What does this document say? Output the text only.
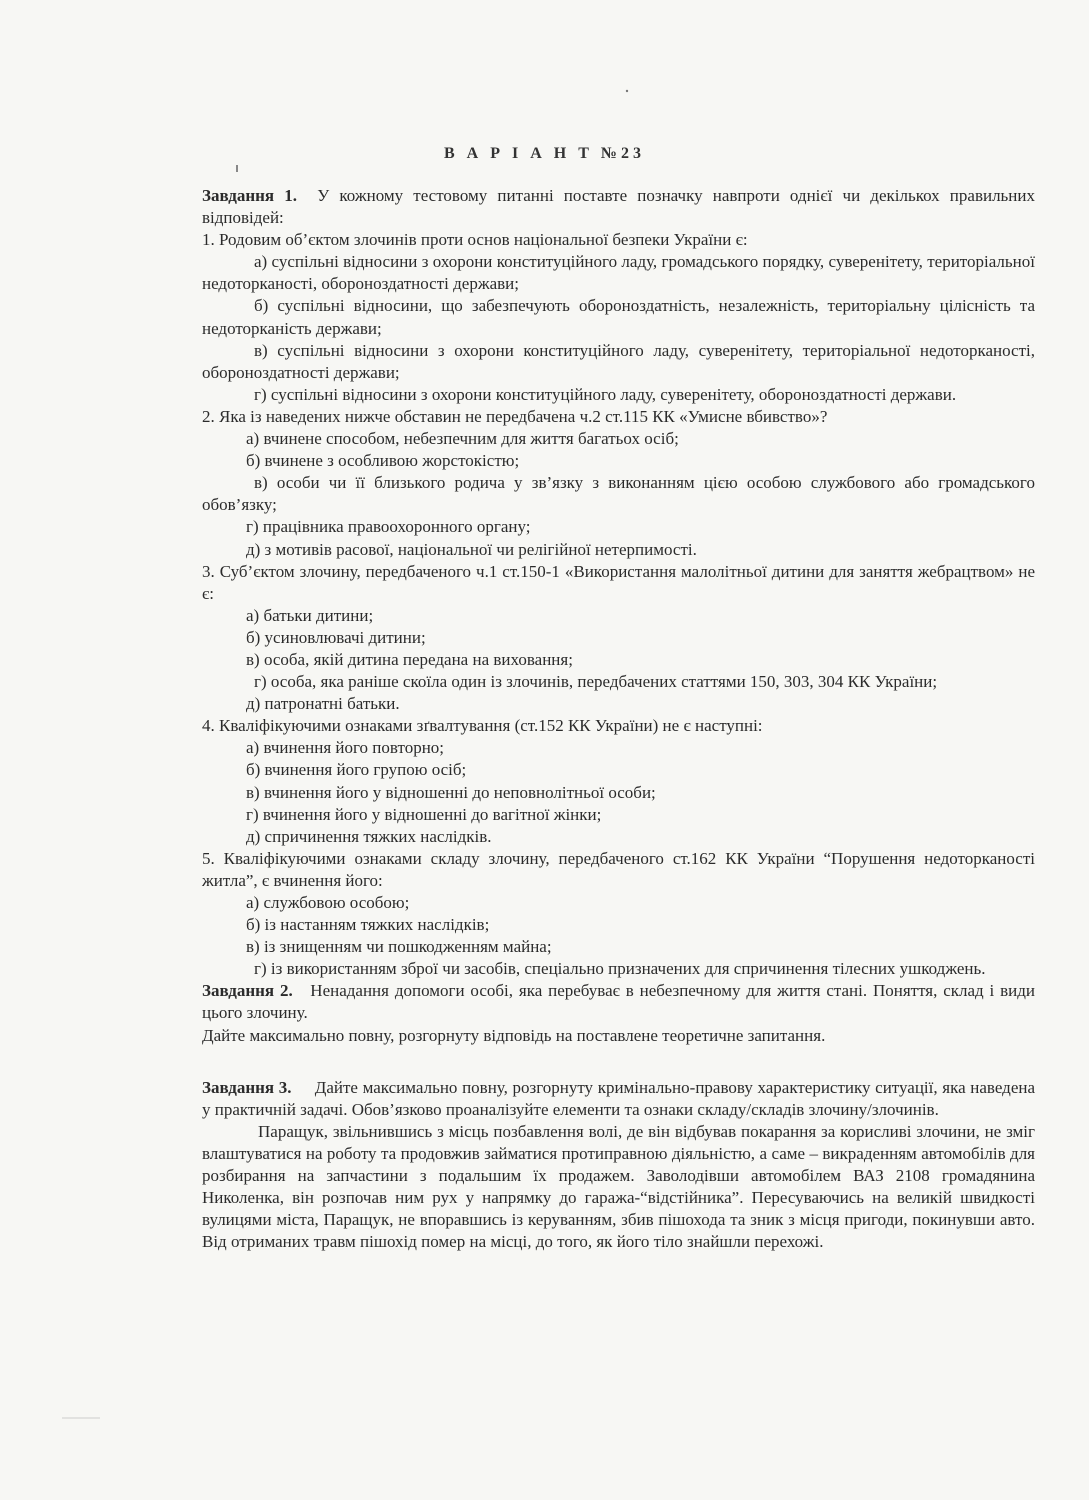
В А Р І А Н Т №23

Завдання 1. У кожному тестовому питанні поставте позначку навпроти однієї чи декількох правильних відповідей:

1. Родовим об’єктом злочинів проти основ національної безпеки України є:

а) суспільні відносини з охорони конституційного ладу, громадського порядку, суверенітету, територіальної недоторканості, обороноздатності держави;

б) суспільні відносини, що забезпечують обороноздатність, незалежність, територіальну цілісність та недоторканість держави;

в) суспільні відносини з охорони конституційного ладу, суверенітету, територіальної недоторканості, обороноздатності держави;

г) суспільні відносини з охорони конституційного ладу, суверенітету, обороноздатності держави.

2. Яка із наведених нижче обставин не передбачена ч.2 ст.115 КК «Умисне вбивство»?

а) вчинене способом, небезпечним для життя багатьох осіб;

б) вчинене з особливою жорстокістю;

в) особи чи її близького родича у зв’язку з виконанням цією особою службового або громадського обов’язку;

г) працівника правоохоронного органу;

д) з мотивів расової, національної чи релігійної нетерпимості.

3. Суб’єктом злочину, передбаченого ч.1 ст.150-1 «Використання малолітньої дитини для заняття жебрацтвом» не є:

а) батьки дитини;

б) усиновлювачі дитини;

в) особа, якій дитина передана на виховання;

г) особа, яка раніше скоїла один із злочинів, передбачених статтями 150, 303, 304 КК України;

д) патронатні батьки.

4. Кваліфікуючими ознаками зґвалтування (ст.152 КК України) не є наступні:

а) вчинення його повторно;

б) вчинення його групою осіб;

в) вчинення його у відношенні до неповнолітньої особи;

г) вчинення його у відношенні до вагітної жінки;

д) спричинення тяжких наслідків.

5. Кваліфікуючими ознаками складу злочину, передбаченого ст.162 КК України “Порушення недоторканості житла”, є вчинення його:

а) службовою особою;

б) із настанням тяжких наслідків;

в) із знищенням чи пошкодженням майна;

г) із використанням зброї чи засобів, спеціально призначених для спричинення тілесних ушкоджень.

Завдання 2. Ненадання допомоги особі, яка перебуває в небезпечному для життя стані. Поняття, склад і види цього злочину.

Дайте максимально повну, розгорнуту відповідь на поставлене теоретичне запитання.

Завдання 3. Дайте максимально повну, розгорнуту кримінально-правову характеристику ситуації, яка наведена у практичній задачі. Обов’язково проаналізуйте елементи та ознаки складу/складів злочину/злочинів.

Паращук, звільнившись з місць позбавлення волі, де він відбував покарання за корисливі злочини, не зміг влаштуватися на роботу та продовжив займатися протиправною діяльністю, а саме – викраденням автомобілів для розбирання на запчастини з подальшим їх продажем. Заволодівши автомобілем ВАЗ 2108 громадянина Николенка, він розпочав ним рух у напрямку до гаража-“відстійника”. Пересуваючись на великій швидкості вулицями міста, Паращук, не впоравшись із керуванням, збив пішохода та зник з місця пригоди, покинувши авто. Від отриманих травм пішохід помер на місці, до того, як його тіло знайшли перехожі.
